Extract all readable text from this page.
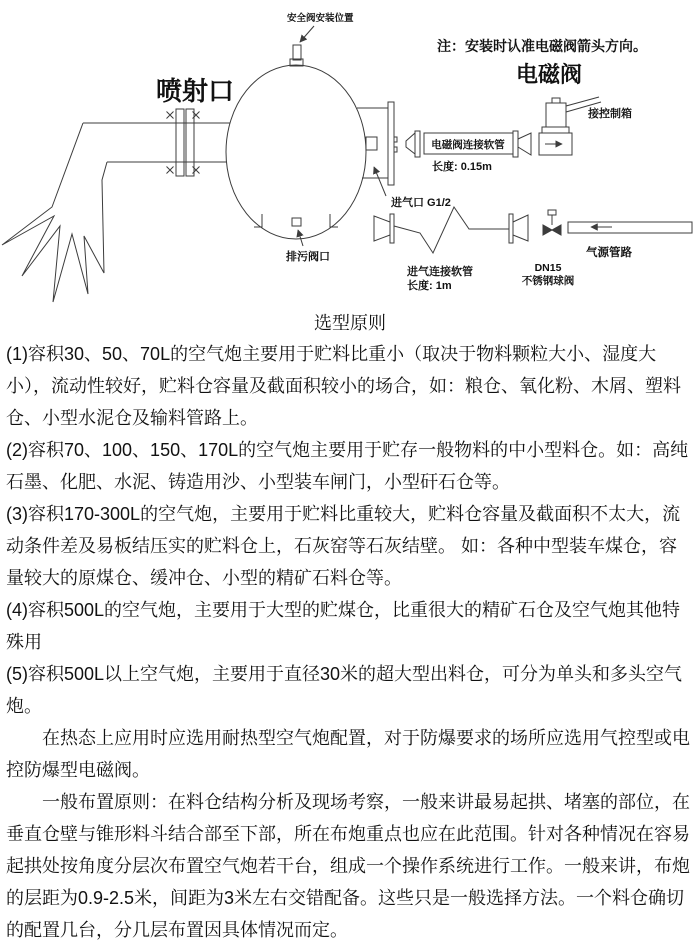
安全阀安装位置
喷射口
进气口 G1/2
排污阀口
注：安装时认准电磁阀箭头方向。
电磁阀
电磁阀连接软管
长度: 0.15m
接控制箱
进气连接软管
长度: 1m
DN15
不锈钢球阀
气源管路
选型原则

(1)容积30、50、70L的空气炮主要用于贮料比重小（取决于物料颗粒大小、湿度大小），流动性较好，贮料仓容量及截面积较小的场合，如：粮仓、氧化粉、木屑、塑料仓、小型水泥仓及输料管路上。

(2)容积70、100、150、170L的空气炮主要用于贮存一般物料的中小型料仓。如：高纯石墨、化肥、水泥、铸造用沙、小型装车闸门，小型矸石仓等。

(3)容积170-300L的空气炮，主要用于贮料比重较大，贮料仓容量及截面积不太大，流动条件差及易板结压实的贮料仓上，石灰窑等石灰结壁。 如：各种中型装车煤仓，容量较大的原煤仓、缓冲仓、小型的精矿石料仓等。

(4)容积500L的空气炮，主要用于大型的贮煤仓，比重很大的精矿石仓及空气炮其他特殊用

(5)容积500L以上空气炮，主要用于直径30米的超大型出料仓，可分为单头和多头空气炮。

在热态上应用时应选用耐热型空气炮配置，对于防爆要求的场所应选用气控型或电控防爆型电磁阀。

一般布置原则：在料仓结构分析及现场考察，一般来讲最易起拱、堵塞的部位，在垂直仓壁与锥形料斗结合部至下部，所在布炮重点也应在此范围。针对各种情况在容易起拱处按角度分层次布置空气炮若干台，组成一个操作系统进行工作。一般来讲，布炮的层距为0.9-2.5米，间距为3米左右交错配备。这些只是一般选择方法。一个料仓确切的配置几台，分几层布置因具体情况而定。
